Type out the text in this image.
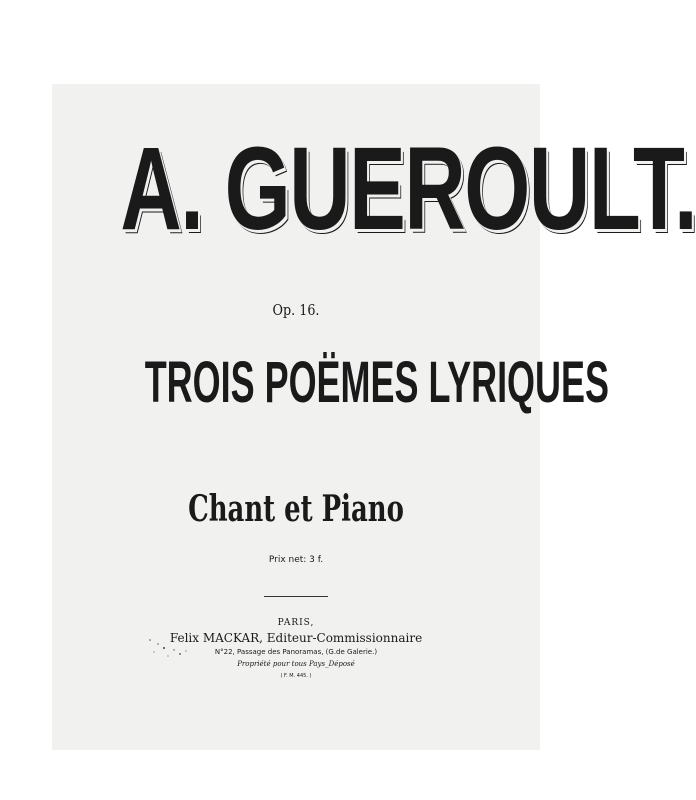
A. GUEROULT.
Op. 16.
TROIS POËMES LYRIQUES
Chant et Piano
Prix net: 3 f.
PARIS,
Felix MACKAR, Editeur-Commissionnaire
N°22, Passage des Panoramas, (G.de Galerie.)
Propriété pour tous Pays_Déposé
( F. M. 445. )
